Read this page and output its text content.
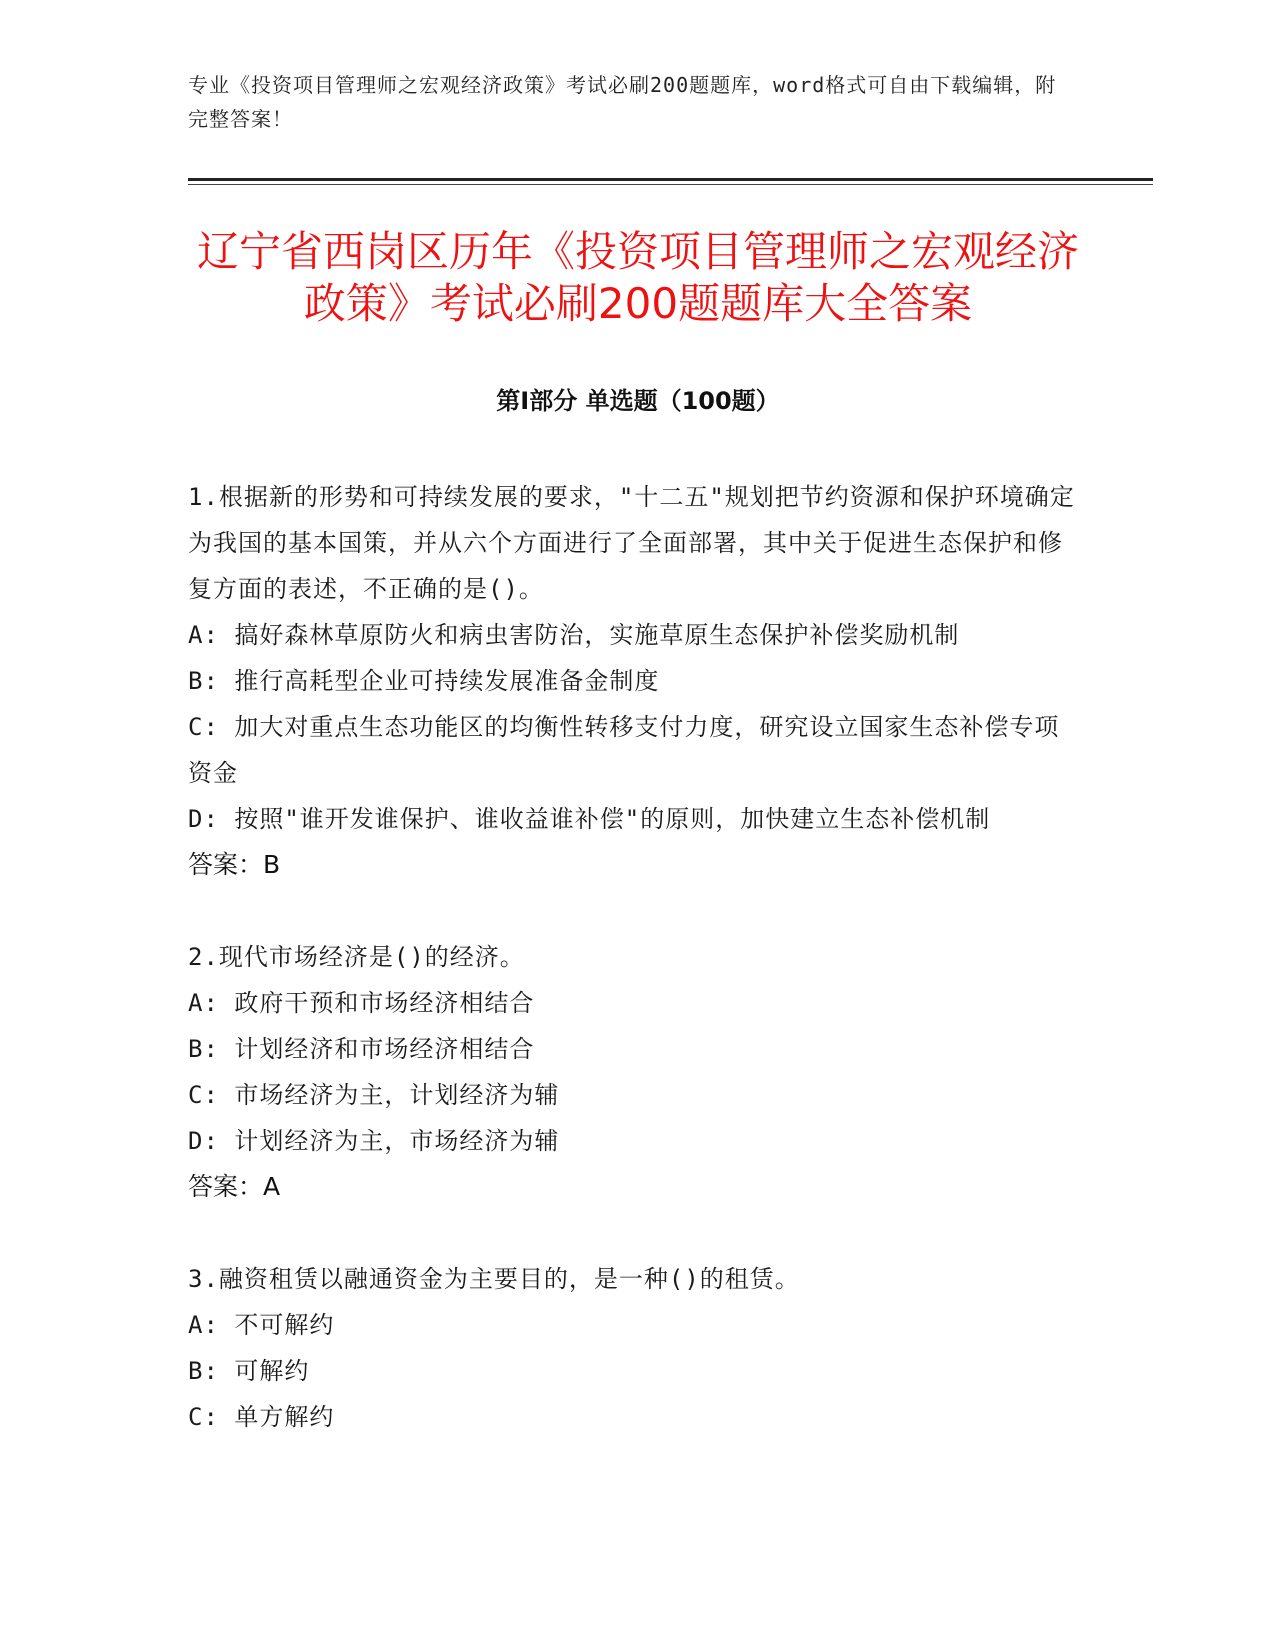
专业《投资项目管理师之宏观经济政策》考试必刷200题题库，word格式可自由下载编辑，附完整答案！
辽宁省西岗区历年《投资项目管理师之宏观经济政策》考试必刷200题题库大全答案
第I部分 单选题（100题）

1.根据新的形势和可持续发展的要求，"十二五"规划把节约资源和保护环境确定为我国的基本国策，并从六个方面进行了全面部署，其中关于促进生态保护和修复方面的表述，不正确的是()。

A: 搞好森林草原防火和病虫害防治，实施草原生态保护补偿奖励机制

B: 推行高耗型企业可持续发展准备金制度

C: 加大对重点生态功能区的均衡性转移支付力度，研究设立国家生态补偿专项资金

D: 按照"谁开发谁保护、谁收益谁补偿"的原则，加快建立生态补偿机制

答案：B

2.现代市场经济是()的经济。

A: 政府干预和市场经济相结合

B: 计划经济和市场经济相结合

C: 市场经济为主，计划经济为辅

D: 计划经济为主，市场经济为辅

答案：A

3.融资租赁以融通资金为主要目的，是一种()的租赁。

A: 不可解约

B: 可解约

C: 单方解约
